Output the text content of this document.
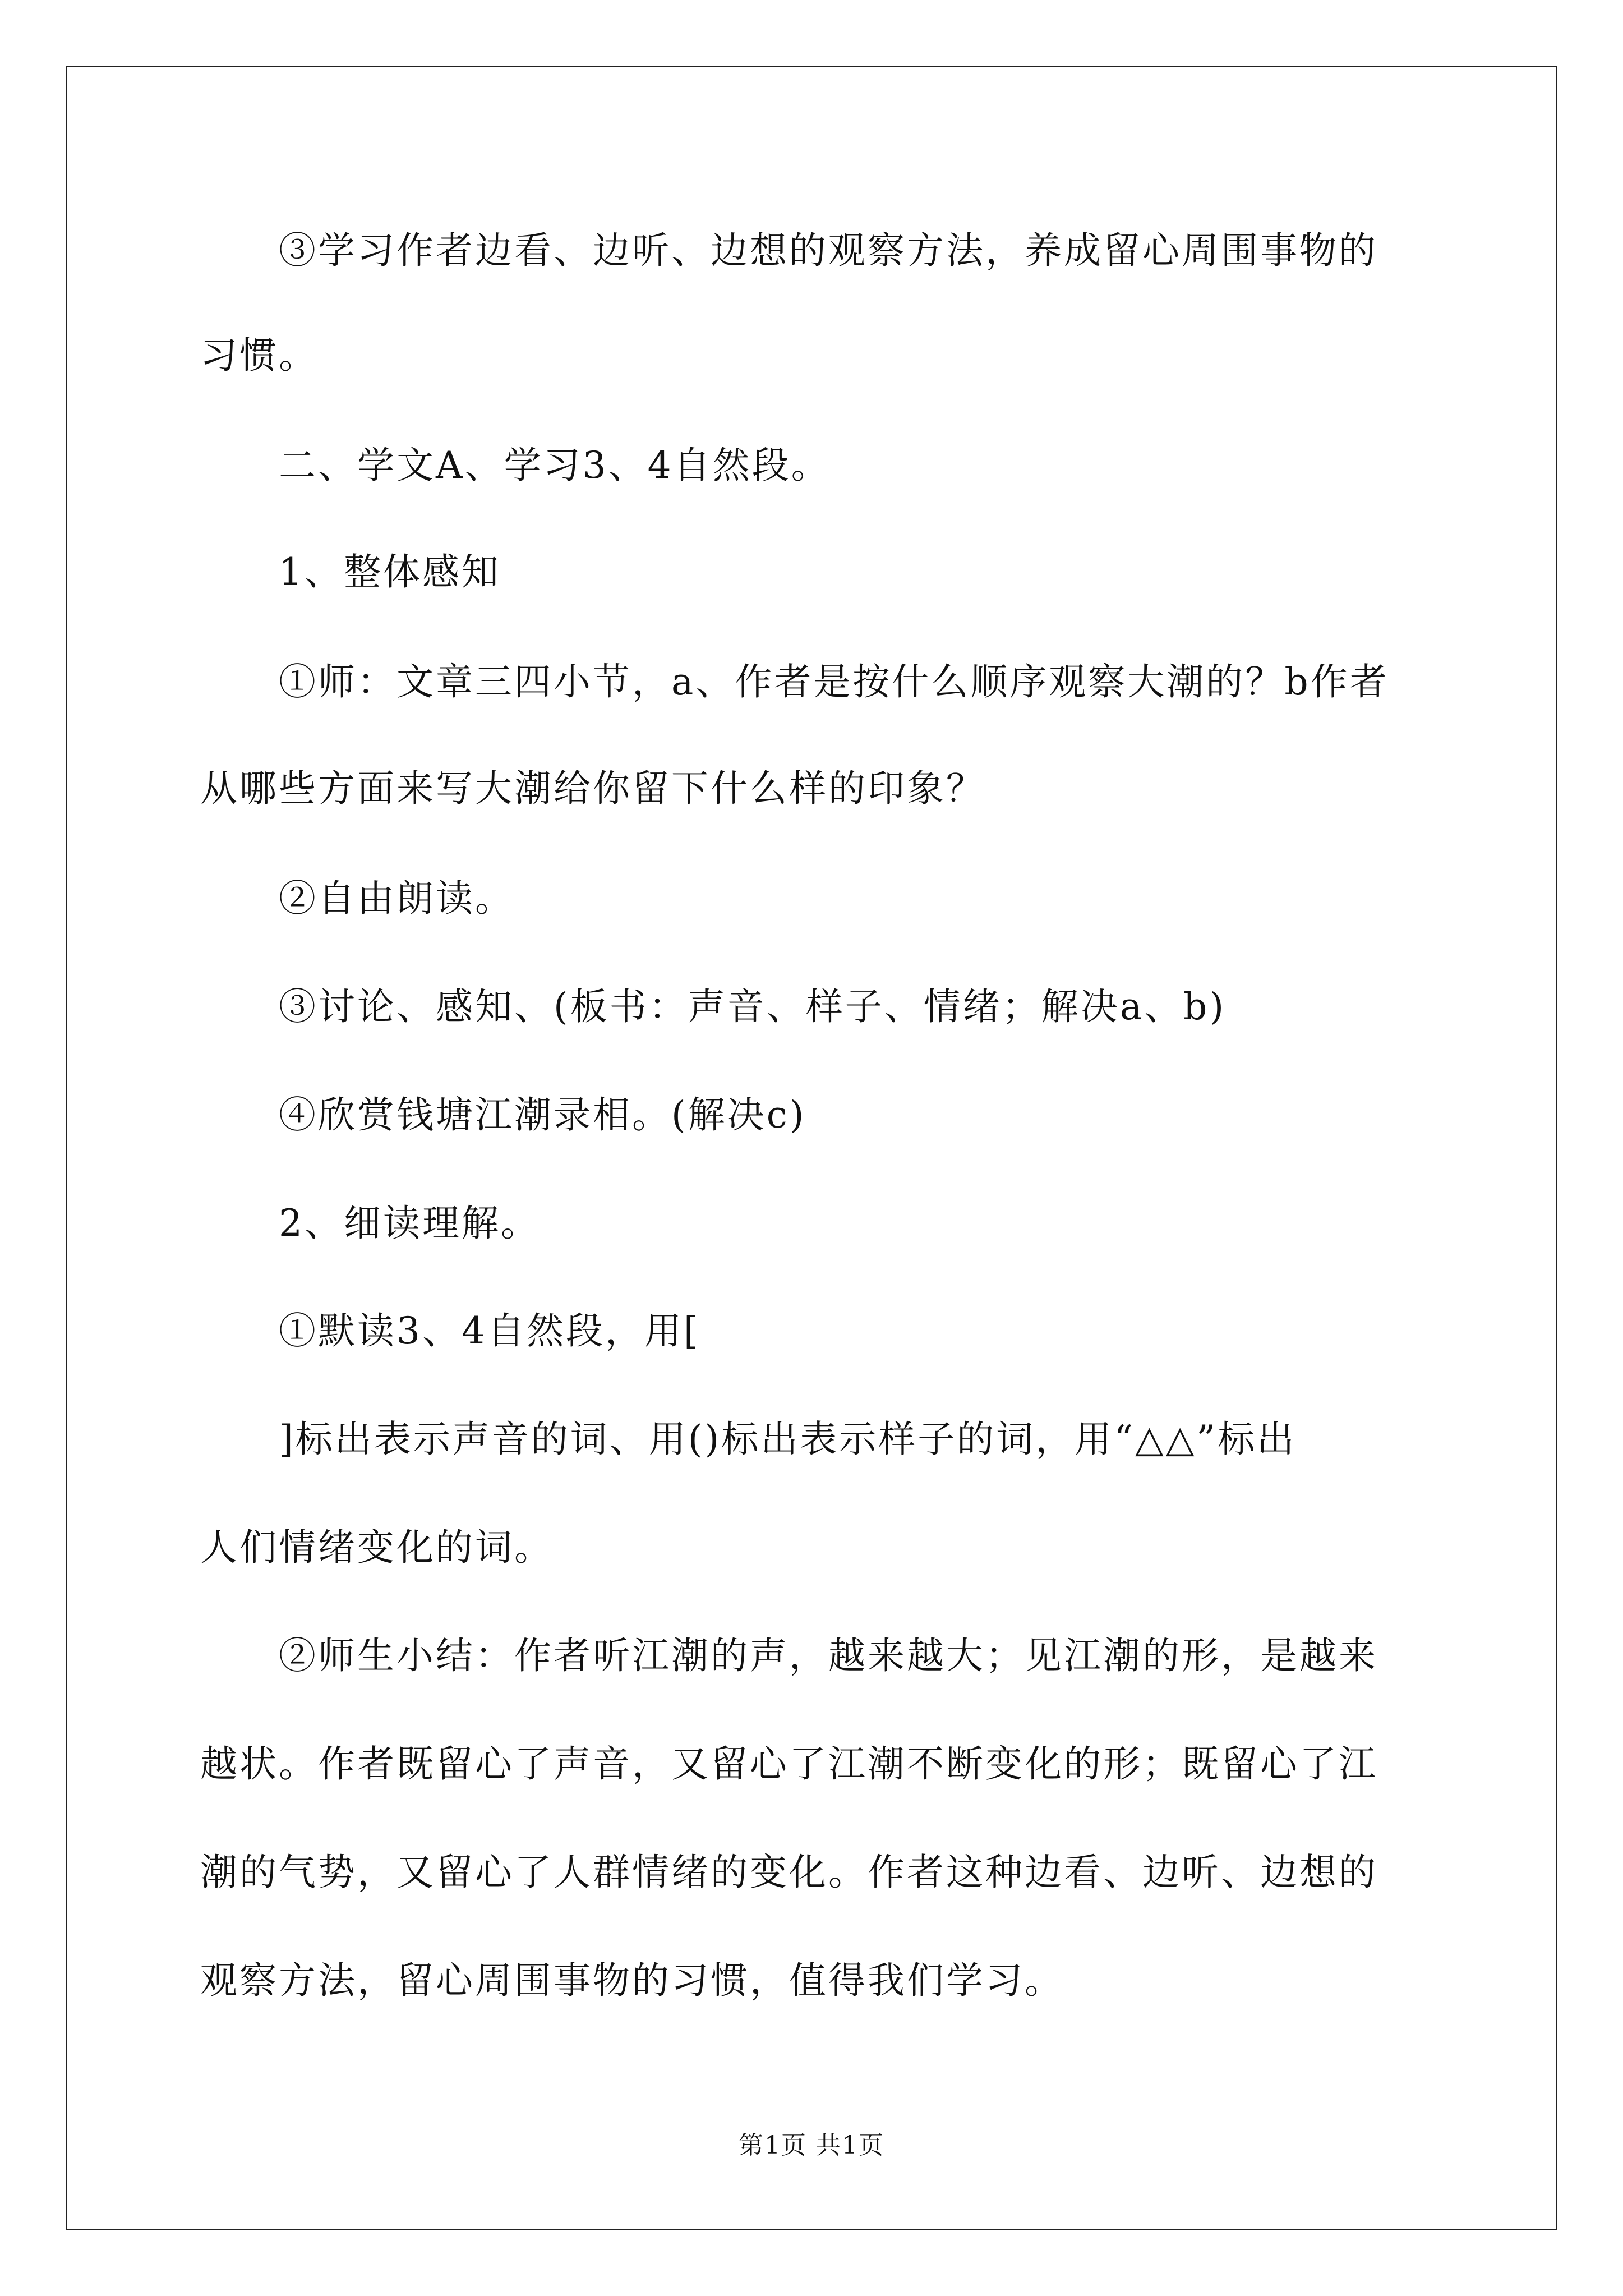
③学习作者边看、边听、边想的观察方法，养成留心周围事物的
习惯。
二、学文A、学习3、4自然段。
1、整体感知
①师：文章三四小节，a、作者是按什么顺序观察大潮的？b作者
从哪些方面来写大潮给你留下什么样的印象？
②自由朗读。
③讨论、感知、(板书：声音、样子、情绪；解决a、b)
④欣赏钱塘江潮录相。(解决c)
2、细读理解。
①默读3、4自然段，用[
]标出表示声音的词、用()标出表示样子的词，用“△△”标出
人们情绪变化的词。
②师生小结：作者听江潮的声，越来越大；见江潮的形，是越来
越状。作者既留心了声音，又留心了江潮不断变化的形；既留心了江
潮的气势，又留心了人群情绪的变化。作者这种边看、边听、边想的
观察方法，留心周围事物的习惯，值得我们学习。
第1页 共1页
